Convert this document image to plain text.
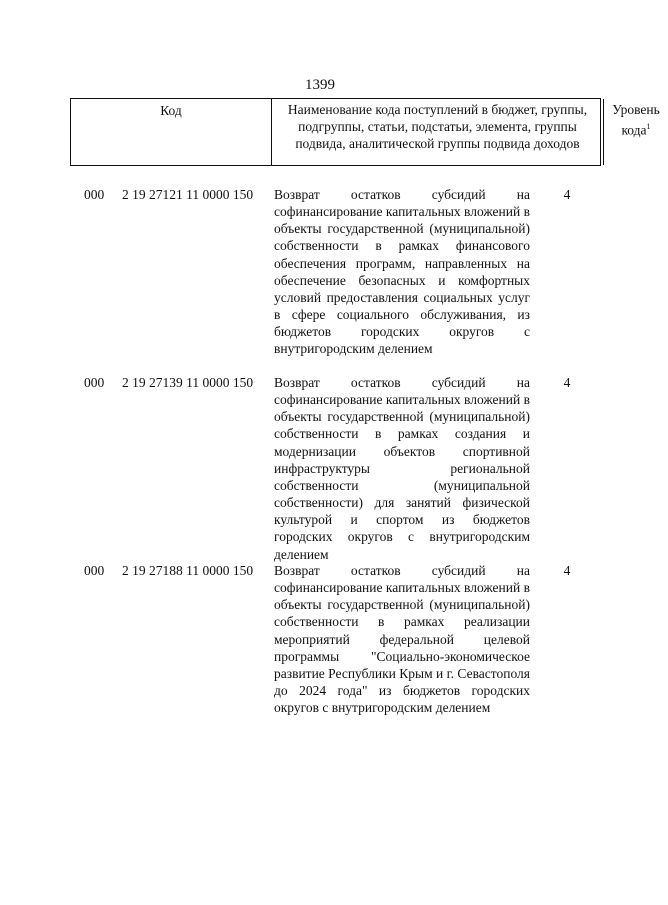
1399
Код	Наименование кода поступлений в бюджет, группы, подгруппы, статьи, подстатьи, элемента, группы подвида, аналитической группы подвида доходов
Уровень кода$^1$
000 2 19 27121 11 0000 150 Возврат остатков субсидий на софинансирование капитальных вложений в объекты государственной (муниципальной) собственности в рамках финансового обеспечения программ, направленных на обеспечение безопасных и комфортных условий предоставления социальных услуг в сфере социального обслуживания, из бюджетов городских округов с внутригородским делением
4
000 2 19 27139 11 0000 150 Возврат остатков субсидий на софинансирование капитальных вложений в объекты государственной (муниципальной) собственности в рамках создания и модернизации объектов спортивной инфраструктуры региональной собственности (муниципальной собственности) для занятий физической культурой и спортом из бюджетов городских округов с внутригородским делением
4
000 2 19 27188 11 0000 150 Возврат остатков субсидий на софинансирование капитальных вложений в объекты государственной (муниципальной) собственности в рамках реализации мероприятий федеральной целевой программы "Социально-экономическое развитие Республики Крым и г. Севастополя до 2024 года" из бюджетов городских округов с внутригородским делением
4
